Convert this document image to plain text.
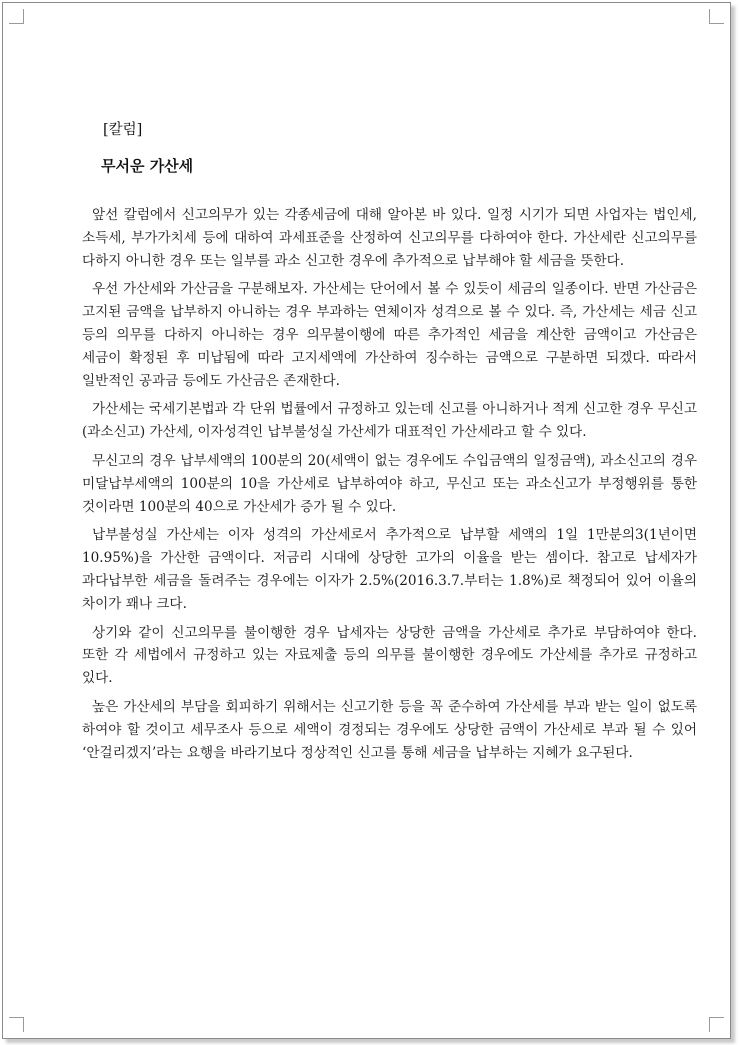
[칼럼]

무서운 가산세

앞선 칼럼에서 신고의무가 있는 각종세금에 대해 알아본 바 있다. 일정 시기가 되면 사업자는 법인세, 소득세, 부가가치세 등에 대하여 과세표준을 산정하여 신고의무를 다하여야 한다. 가산세란 신고의무를 다하지 아니한 경우 또는 일부를 과소 신고한 경우에 추가적으로 납부해야 할 세금을 뜻한다.

우선 가산세와 가산금을 구분해보자. 가산세는 단어에서 볼 수 있듯이 세금의 일종이다. 반면 가산금은 고지된 금액을 납부하지 아니하는 경우 부과하는 연체이자 성격으로 볼 수 있다. 즉, 가산세는 세금 신고 등의 의무를 다하지 아니하는 경우 의무불이행에 따른 추가적인 세금을 계산한 금액이고 가산금은 세금이 확정된 후 미납됨에 따라 고지세액에 가산하여 징수하는 금액으로 구분하면 되겠다. 따라서 일반적인 공과금 등에도 가산금은 존재한다.

가산세는 국세기본법과 각 단위 법률에서 규정하고 있는데 신고를 아니하거나 적게 신고한 경우 무신고(과소신고) 가산세, 이자성격인 납부불성실 가산세가 대표적인 가산세라고 할 수 있다.

무신고의 경우 납부세액의 100분의 20(세액이 없는 경우에도 수입금액의 일정금액), 과소신고의 경우 미달납부세액의 100분의 10을 가산세로 납부하여야 하고, 무신고 또는 과소신고가 부정행위를 통한 것이라면 100분의 40으로 가산세가 증가 될 수 있다.

납부불성실 가산세는 이자 성격의 가산세로서 추가적으로 납부할 세액의 1일 1만분의3(1년이면 10.95%)을 가산한 금액이다. 저금리 시대에 상당한 고가의 이율을 받는 셈이다. 참고로 납세자가 과다납부한 세금을 돌려주는 경우에는 이자가 2.5%(2016.3.7.부터는 1.8%)로 책정되어 있어 이율의 차이가 꽤나 크다.

상기와 같이 신고의무를 불이행한 경우 납세자는 상당한 금액을 가산세로 추가로 부담하여야 한다. 또한 각 세법에서 규정하고 있는 자료제출 등의 의무를 불이행한 경우에도 가산세를 추가로 규정하고 있다.

높은 가산세의 부담을 회피하기 위해서는 신고기한 등을 꼭 준수하여 가산세를 부과 받는 일이 없도록 하여야 할 것이고 세무조사 등으로 세액이 경정되는 경우에도 상당한 금액이 가산세로 부과 될 수 있어 ‘안걸리겠지’라는 요행을 바라기보다 정상적인 신고를 통해 세금을 납부하는 지혜가 요구된다.
